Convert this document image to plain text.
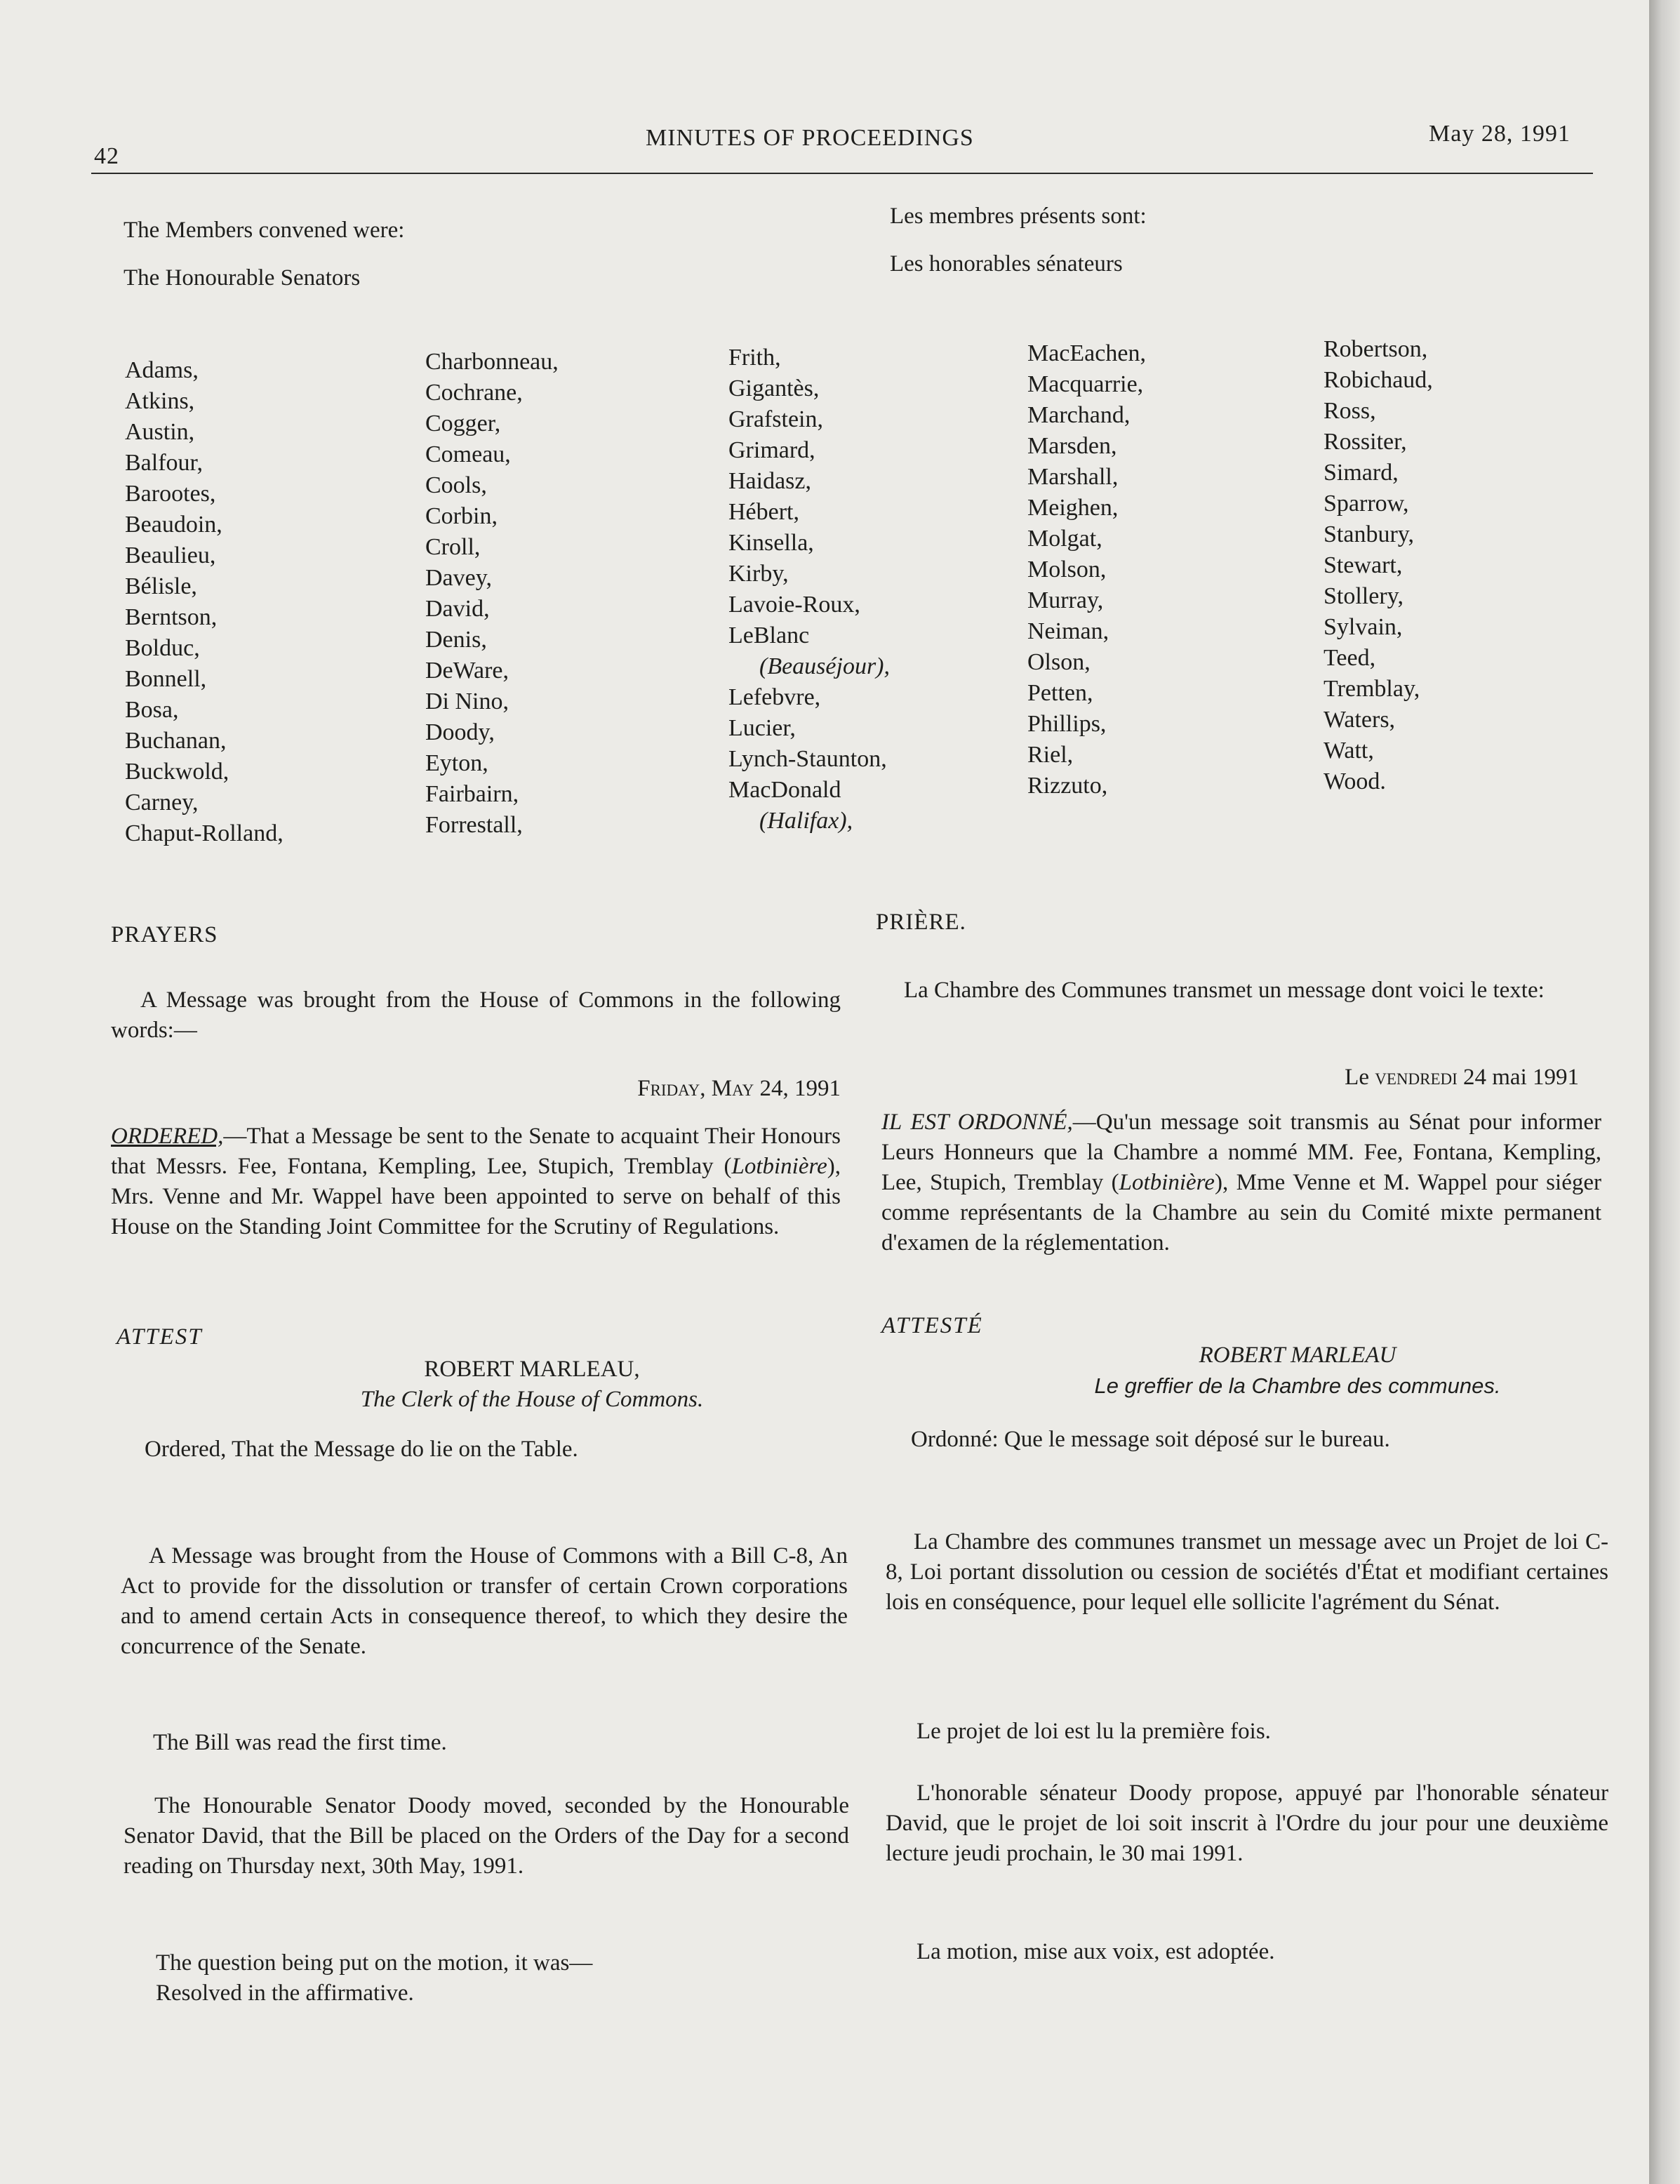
42
MINUTES OF PROCEEDINGS	May 28, 1991
The Members convened were:
The Honourable Senators
Les membres présents sont:
Les honorables sénateurs
Adams,
Atkins,
Austin,
Balfour,
Barootes,
Beaudoin,
Beaulieu,
Bélisle,
Berntson,
Bolduc,
Bonnell,
Bosa,
Buchanan,
Buckwold,
Carney,
Chaput-Rolland,
Charbonneau,
Cochrane,
Cogger,
Comeau,
Cools,
Corbin,
Croll,
Davey,
David,
Denis,
DeWare,
Di Nino,
Doody,
Eyton,
Fairbairn,
Forrestall,
Frith,
Gigantès,
Grafstein,
Grimard,
Haidasz,
Hébert,
Kinsella,
Kirby,
Lavoie-Roux,
LeBlanc
(Beauséjour),
Lefebvre,
Lucier,
Lynch-Staunton,
MacDonald
(Halifax),
MacEachen,
Macquarrie,
Marchand,
Marsden,
Marshall,
Meighen,
Molgat,
Molson,
Murray,
Neiman,
Olson,
Petten,
Phillips,
Riel,
Rizzuto,
Robertson,
Robichaud,
Ross,
Rossiter,
Simard,
Sparrow,
Stanbury,
Stewart,
Stollery,
Sylvain,
Teed,
Tremblay,
Waters,
Watt,
Wood.
PRAYERS
A Message was brought from the House of Commons in the following words:—
Friday, May 24, 1991
ORDERED,—That a Message be sent to the Senate to acquaint Their Honours that Messrs. Fee, Fontana, Kempling, Lee, Stupich, Tremblay (Lotbinière), Mrs. Venne and Mr. Wappel have been appointed to serve on behalf of this House on the Standing Joint Committee for the Scrutiny of Regulations.
ATTEST
ROBERT MARLEAU,
The Clerk of the House of Commons.
Ordered, That the Message do lie on the Table.
A Message was brought from the House of Commons with a Bill C-8, An Act to provide for the dissolution or transfer of certain Crown corporations and to amend certain Acts in consequence thereof, to which they desire the concurrence of the Senate.
The Bill was read the first time.
The Honourable Senator Doody moved, seconded by the Honourable Senator David, that the Bill be placed on the Orders of the Day for a second reading on Thursday next, 30th May, 1991.
The question being put on the motion, it was—
Resolved in the affirmative.
PRIÈRE.
La Chambre des Communes transmet un message dont voici le texte:
Le vendredi 24 mai 1991
IL EST ORDONNÉ,—Qu'un message soit transmis au Sénat pour informer Leurs Honneurs que la Chambre a nommé MM. Fee, Fontana, Kempling, Lee, Stupich, Tremblay (Lotbinière), Mme Venne et M. Wappel pour siéger comme représentants de la Chambre au sein du Comité mixte permanent d'examen de la réglementation.
ATTESTÉ
ROBERT MARLEAU
Le greffier de la Chambre des communes.
Ordonné: Que le message soit déposé sur le bureau.
La Chambre des communes transmet un message avec un Projet de loi C-8, Loi portant dissolution ou cession de sociétés d'État et modifiant certaines lois en conséquence, pour lequel elle sollicite l'agrément du Sénat.
Le projet de loi est lu la première fois.
L'honorable sénateur Doody propose, appuyé par l'honorable sénateur David, que le projet de loi soit inscrit à l'Ordre du jour pour une deuxième lecture jeudi prochain, le 30 mai 1991.
La motion, mise aux voix, est adoptée.
